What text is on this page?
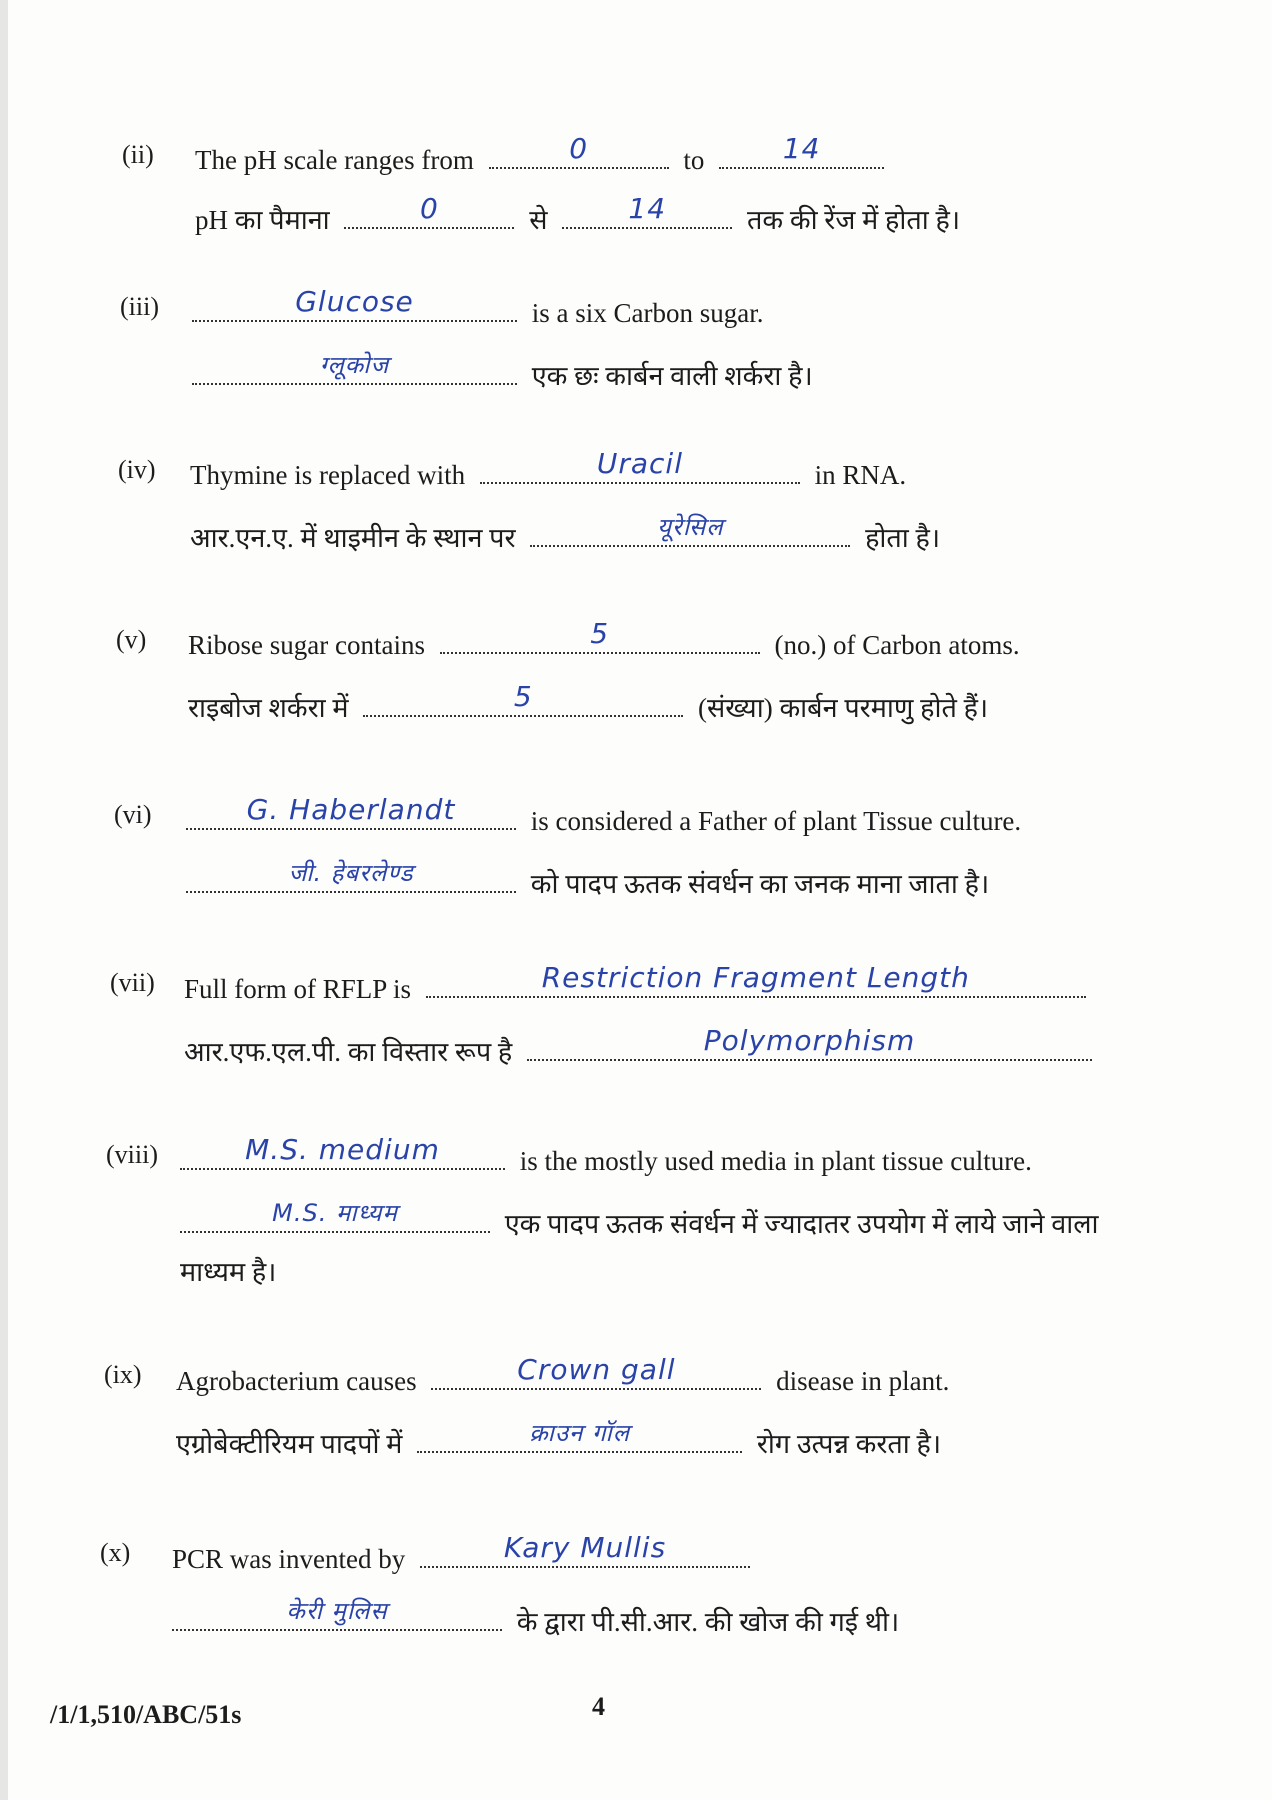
(ii) The pH scale ranges from	0	to	14
pH का पैमाना	0	से	14	तक की रेंज में होता है।
(iii)	Glucose	is a six Carbon sugar.
ग्लूकोज	एक छः कार्बन वाली शर्करा है।
(iv) Thymine is replaced with	Uracil	in RNA.
आर.एन.ए. में थाइमीन के स्थान पर	यूरेसिल	होता है।
(v) Ribose sugar contains	5	(no.) of Carbon atoms.
राइबोज शर्करा में	5	(संख्या) कार्बन परमाणु होते हैं।
(vi)	G. Haberlandt	is considered a Father of plant Tissue culture.
जी. हेबरलेण्ड	को पादप ऊतक संवर्धन का जनक माना जाता है।
(vii) Full form of RFLP is	Restriction Fragment Length
आर.एफ.एल.पी. का विस्तार रूप है	Polymorphism
(viii)	M.S. medium	is the mostly used media in plant tissue culture.
M.S. माध्यम	एक पादप ऊतक संवर्धन में ज्यादातर उपयोग में लाये जाने वाला
माध्यम है।
(ix) Agrobacterium causes	Crown gall	disease in plant.
एग्रोबेक्टीरियम पादपों में	क्राउन गॉल	रोग उत्पन्न करता है।
(x) PCR was invented by	Kary Mullis
केरी मुलिस	के द्वारा पी.सी.आर. की खोज की गई थी।
/1/1,510/ABC/51s	4
